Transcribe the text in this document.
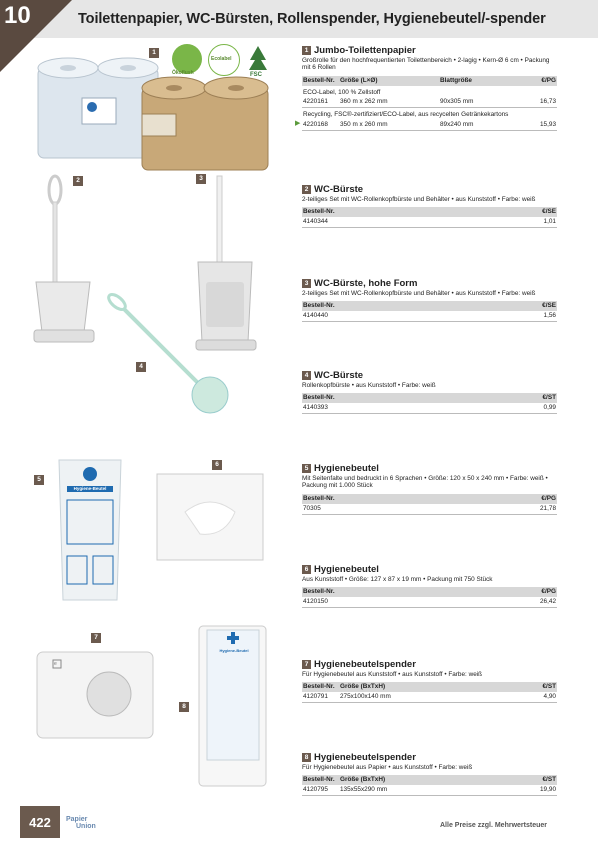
10	Toilettenpapier, WC-Bürsten, Rollenspender, Hygienebeutel/-spender
1
Ökoflush
Ecolabel
FSC
2	3
4
5
Hygiene-Beutel
6
7
e
8
Hygiene-Beutel
1 Jumbo-Toilettenpapier
Großrolle für den hochfrequentierten Toilettenbereich • 2-lagig • Kern-Ø 6 cm • Packung mit 6 Rollen
Bestell-Nr. Größe (L×Ø)	Blattgröße	€/PG
ECO-Label, 100 % Zellstoff
4220161	360 m x 262 mm	90x305 mm	16,73
Recycling, FSC®-zertifiziert/ECO-Label, aus recycelten Getränkekartons
▶ 4220168	350 m x 260 mm	89x240 mm	15,93
2 WC-Bürste
2-teiliges Set mit WC-Rollenkopfbürste und Behälter • aus Kunststoff • Farbe: weiß
Bestell-Nr.	€/SE
4140344	1,01
3 WC-Bürste, hohe Form
2-teiliges Set mit WC-Rollenkopfbürste und Behälter • aus Kunststoff • Farbe: weiß
Bestell-Nr.	€/SE
4140440	1,56
4 WC-Bürste
Rollenkopfbürste • aus Kunststoff • Farbe: weiß
Bestell-Nr.	€/ST
4140393	0,99
5 Hygienebeutel
Mit Seitenfalte und bedruckt in 6 Sprachen • Größe: 120 x 50 x 240 mm • Farbe: weiß • Packung mit 1.000 Stück
Bestell-Nr.	€/PG
70305	21,78
6 Hygienebeutel
Aus Kunststoff • Größe: 127 x 87 x 19 mm • Packung mit 750 Stück
Bestell-Nr.	€/PG
4120150	26,42
7 Hygienebeutelspender
Für Hygienebeutel aus Kunststoff • aus Kunststoff • Farbe: weiß
Bestell-Nr. Größe (BxTxH)	€/ST
4120791	275x100x140 mm	4,90
8 Hygienebeutelspender
Für Hygienebeutel aus Papier • aus Kunststoff • Farbe: weiß
Bestell-Nr. Größe (BxTxH)	€/ST
4120795	135x55x290 mm	19,90
422	Papier
Union	Alle Preise zzgl. Mehrwertsteuer
